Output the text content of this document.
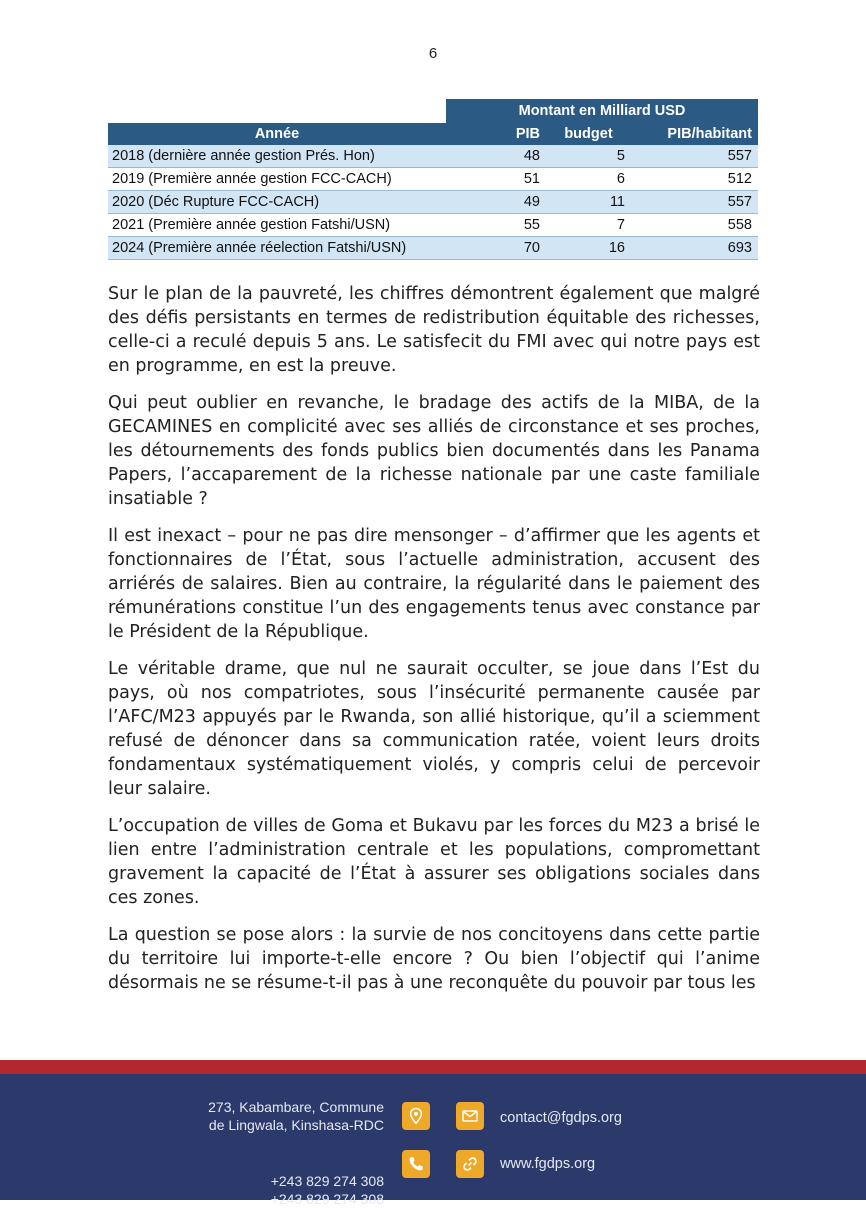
6
	Montant en Milliard USD		
Année	PIB	budget	PIB/habitant
2018 (dernière année gestion Prés. Hon)	48	5	557
2019 (Première année gestion FCC-CACH)	51	6	512
2020 (Déc Rupture FCC-CACH)	49	11	557
2021 (Première année gestion Fatshi/USN)	55	7	558
2024 (Première année réelection Fatshi/USN)	70	16	693

Sur le plan de la pauvreté, les chiffres démontrent également que malgré des défis persistants en termes de redistribution équitable des richesses, celle-ci a reculé depuis 5 ans. Le satisfecit du FMI avec qui notre pays est en programme, en est la preuve.

Qui peut oublier en revanche, le bradage des actifs de la MIBA, de la GECAMINES en complicité avec ses alliés de circonstance et ses proches, les détournements des fonds publics bien documentés dans les Panama Papers, l’accaparement de la richesse nationale par une caste familiale insatiable ?

Il est inexact – pour ne pas dire mensonger – d’affirmer que les agents et fonctionnaires de l’État, sous l’actuelle administration, accusent des arriérés de salaires. Bien au contraire, la régularité dans le paiement des rémunérations constitue l’un des engagements tenus avec constance par le Président de la République.

Le véritable drame, que nul ne saurait occulter, se joue dans l’Est du pays, où nos compatriotes, sous l’insécurité permanente causée par l’AFC/M23 appuyés par le Rwanda, son allié historique, qu’il a sciemment refusé de dénoncer dans sa communication ratée, voient leurs droits fondamentaux systématiquement violés, y compris celui de percevoir leur salaire.

L’occupation de villes de Goma et Bukavu par les forces du M23 a brisé le lien entre l’administration centrale et les populations, compromettant gravement la capacité de l’État à assurer ses obligations sociales dans ces zones.

La question se pose alors : la survie de nos concitoyens dans cette partie du territoire lui importe-t-elle encore ? Ou bien l’objectif qui l’anime désormais ne se résume-t-il pas à une reconquête du pouvoir par tous les

273, Kabambare, Commune
de Lingwala, Kinshasa-RDC
+243 829 274 308
+243 829 274 308
contact@fgdps.org
www.fgdps.org
